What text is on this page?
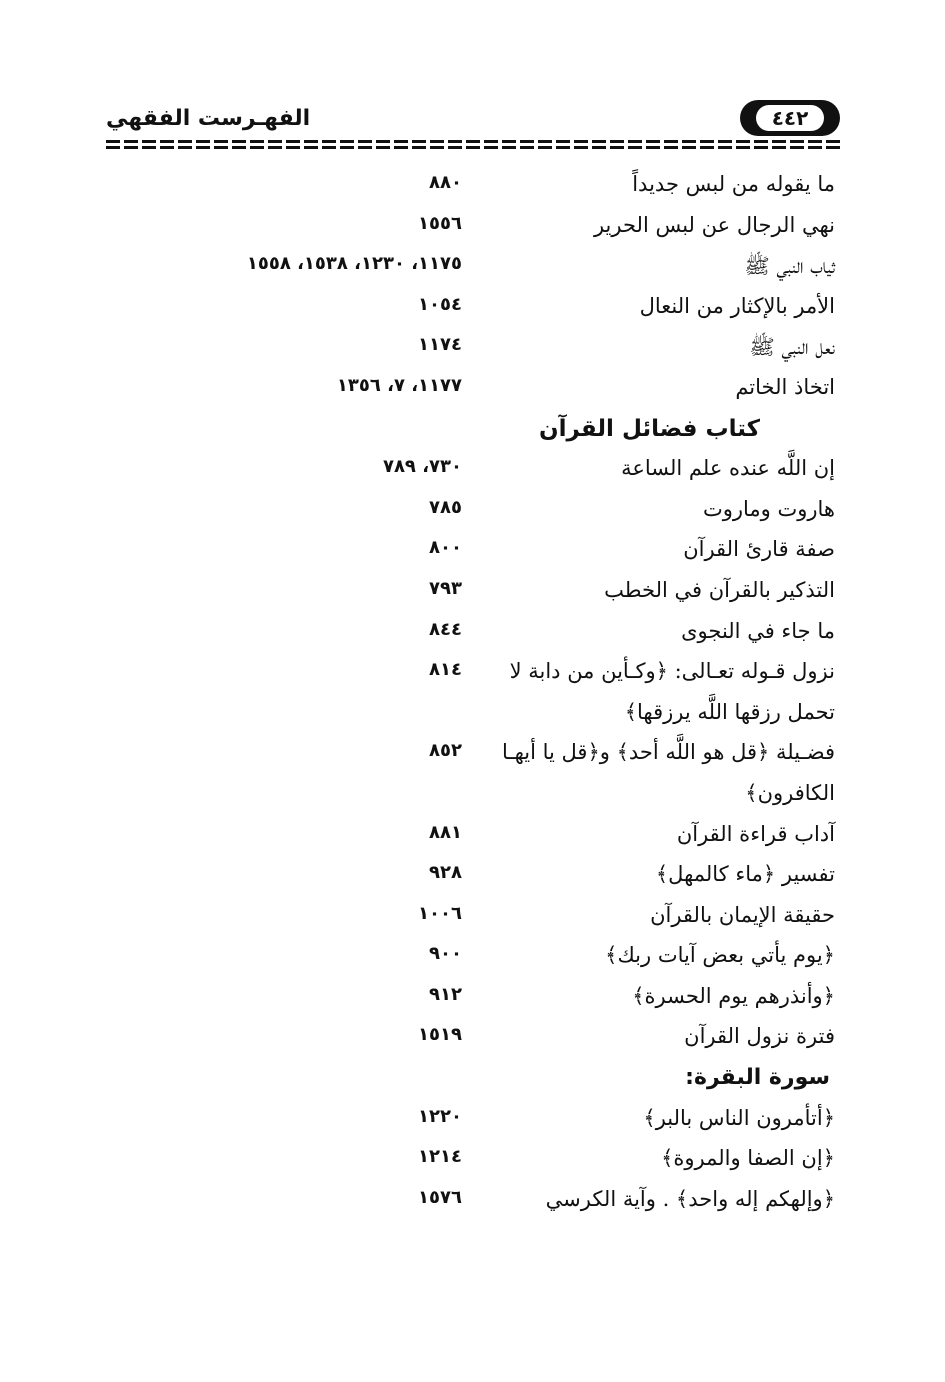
٤٤٢
الفهـرست الفقهي
ما يقوله من لبس جديداً
٨٨٠
نهي الرجال عن لبس الحرير
١٥٥٦
ثياب النبي ﷺ
١١٧٥، ١٢٣٠، ١٥٣٨، ١٥٥٨
الأمر بالإكثار من النعال
١٠٥٤
نعل النبي ﷺ
١١٧٤
اتخاذ الخاتم
١١٧٧، ٧، ١٣٥٦
كتاب فضائل القرآن
إن اللَّه عنده علم الساعة
٧٣٠، ٧٨٩
هاروت وماروت
٧٨٥
صفة قارئ القرآن
٨٠٠
التذكير بالقرآن في الخطب
٧٩٣
ما جاء في النجوى
٨٤٤
نزول قـوله تعـالى: ﴿وكـأين من دابة لا
٨١٤
تحمل رزقها اللَّه يرزقها﴾
فضـيلة ﴿قل هو اللَّه أحد﴾ و﴿قل يا أيهـا
٨٥٢
الكافرون﴾
آداب قراءة القرآن
٨٨١
تفسير ﴿ماء كالمهل﴾
٩٢٨
حقيقة الإيمان بالقرآن
١٠٠٦
﴿يوم يأتي بعض آيات ربك﴾
٩٠٠
﴿وأنذرهم يوم الحسرة﴾
٩١٢
فترة نزول القرآن
١٥١٩
سورة البقرة:
﴿أتأمرون الناس بالبر﴾
١٢٢٠
﴿إن الصفا والمروة﴾
١٢١٤
﴿وإلهكم إله واحد﴾ . وآية الكرسي
١٥٧٦
